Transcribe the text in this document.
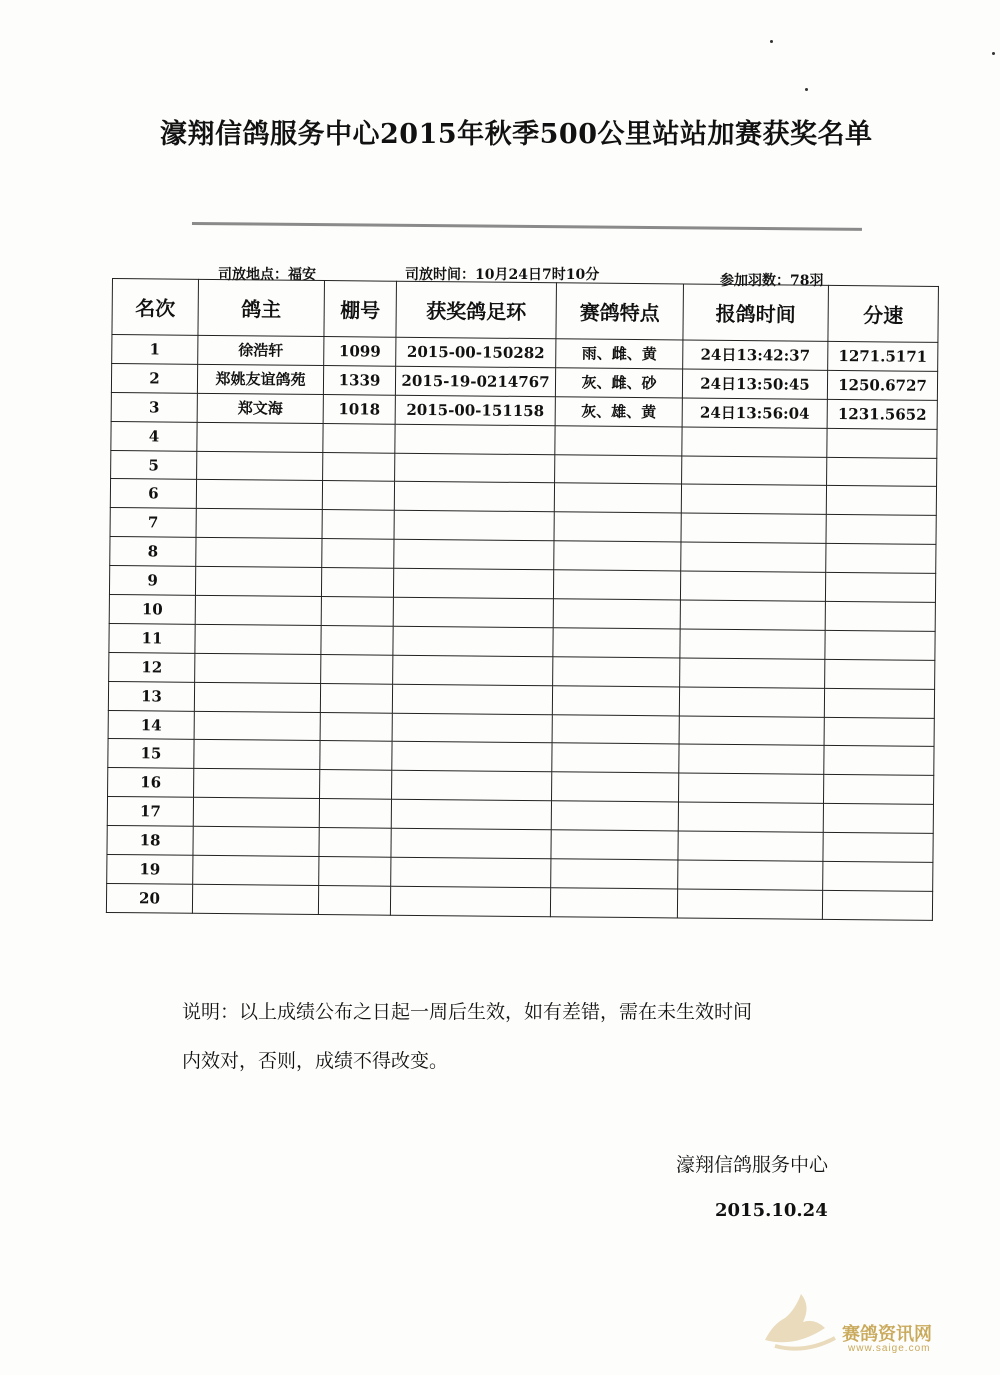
濠翔信鸽服务中心2015年秋季500公里站站加赛获奖名单
司放地点：福安	司放时间：10月24日7时10分	参加羽数：78羽
名次	鸽主	棚号	获奖鸽足环	赛鸽特点	报鸽时间	分速
1	徐浩轩	1099	2015-00-150282	雨、雌、黄	24日13:42:37	1271.5171
2	郑姚友谊鸽苑	1339	2015-19-0214767	灰、雌、砂	24日13:50:45	1250.6727
3	郑文海	1018	2015-00-151158	灰、雄、黄	24日13:56:04	1231.5652
4						
5						
6						
7						
8						
9						
10						
11						
12						
13						
14						
15						
16						
17						
18						
19						
20						
说明：以上成绩公布之日起一周后生效，如有差错，需在未生效时间
内效对，否则，成绩不得改变。
濠翔信鸽服务中心
2015.10.24
赛鸽资讯网
www.saige.com
